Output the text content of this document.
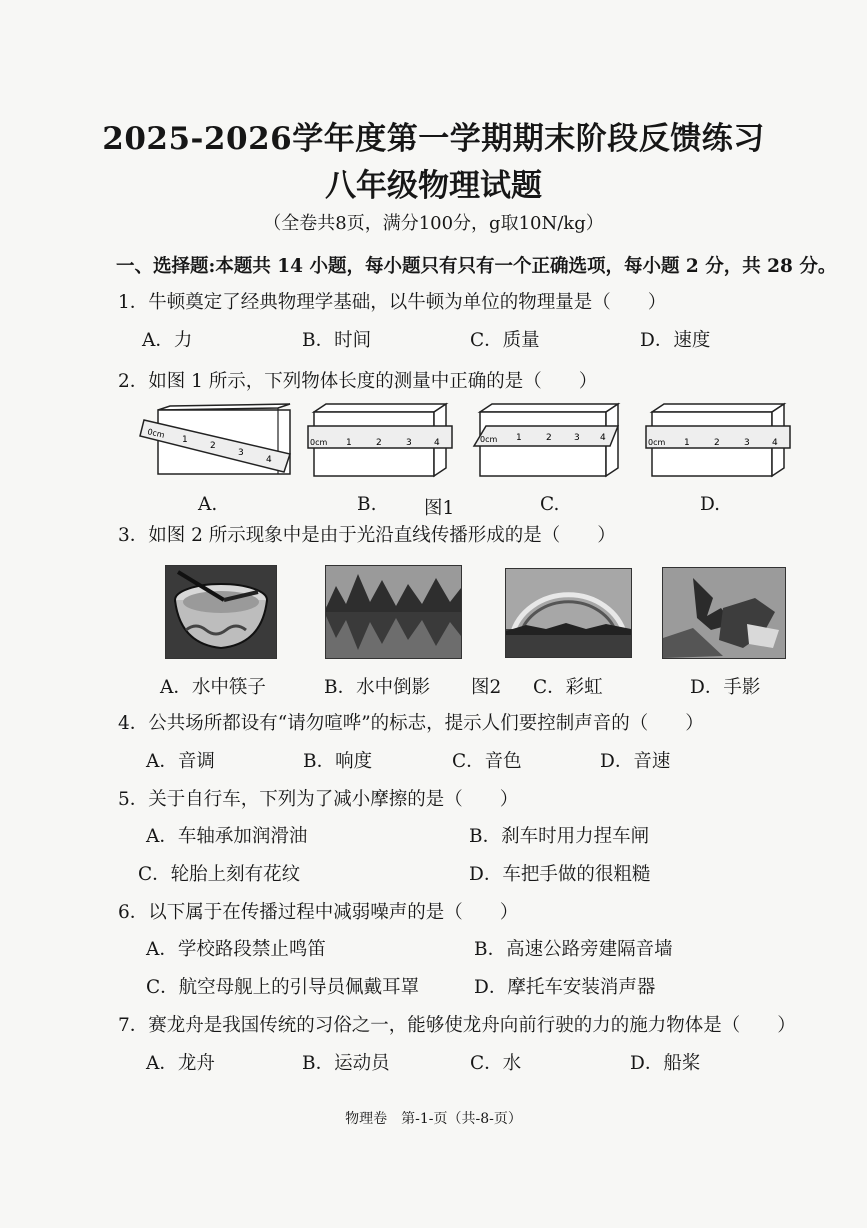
2025-2026学年度第一学期期末阶段反馈练习
八年级物理试题
（全卷共8页，满分100分，g取10N/kg）
一、选择题:本题共 14 小题，每小题只有只有一个正确选项，每小题 2 分，共 28 分。
1．牛顿奠定了经典物理学基础，以牛顿为单位的物理量是（　　）
A．力	B．时间	C．质量	D．速度
2．如图 1 所示，下列物体长度的测量中正确的是（　　）
0cm
1
2
3
4
0cm 1	2	3 4	0cm 1	2 3 4	0cm 1	2	3 4
A.	B.	图1	C.	D.
3．如图 2 所示现象中是由于光沿直线传播形成的是（　　）
A．水中筷子	B．水中倒影 图2 C．彩虹	D．手影
4．公共场所都设有“请勿喧哗”的标志，提示人们要控制声音的（　　）
A．音调	B．响度	C．音色	D．音速
5．关于自行车，下列为了减小摩擦的是（　　）
A．车轴承加润滑油	B．刹车时用力捏车闸
C．轮胎上刻有花纹	D．车把手做的很粗糙
6．以下属于在传播过程中减弱噪声的是（　　）
A．学校路段禁止鸣笛	B．高速公路旁建隔音墙
C．航空母舰上的引导员佩戴耳罩	D．摩托车安装消声器
7．赛龙舟是我国传统的习俗之一，能够使龙舟向前行驶的力的施力物体是（　　）
A．龙舟	B．运动员	C．水	D．船桨
物理卷　第-1-页（共-8-页）
